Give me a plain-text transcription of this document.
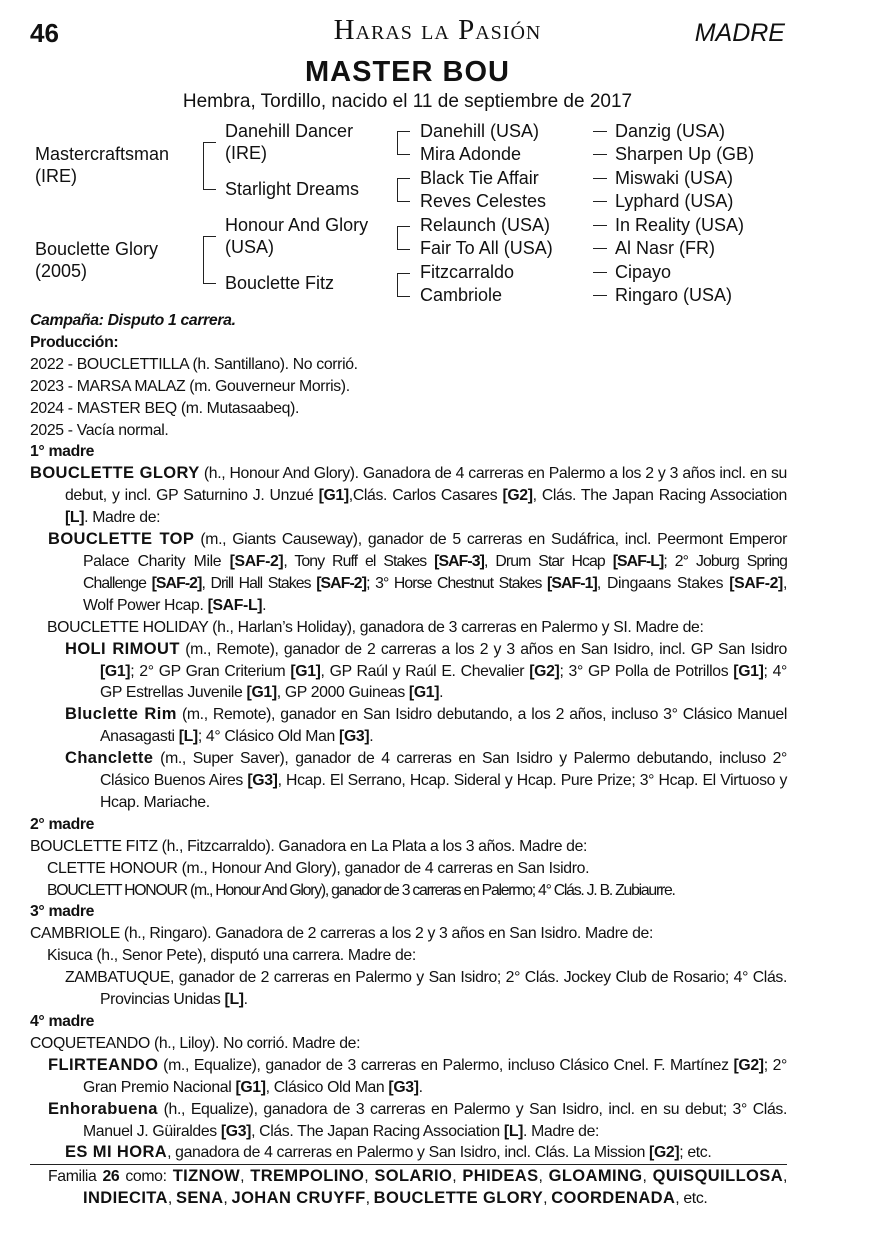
46	Haras la Pasión	MADRE
MASTER BOU
Hembra, Tordillo, nacido el 11 de septiembre de 2017
Mastercraftsman (IRE)
Bouclette Glory (2005)
Danehill Dancer (IRE)
Starlight Dreams
Honour And Glory (USA)
Bouclette Fitz
Danehill (USA)
Mira Adonde
Black Tie Affair
Reves Celestes
Relaunch (USA)
Fair To All (USA)
Fitzcarraldo
Cambriole
Danzig (USA)
Sharpen Up (GB)
Miswaki (USA)
Lyphard (USA)
In Reality (USA)
Al Nasr (FR)
Cipayo
Ringaro (USA)

Campaña: Disputo 1 carrera.

Producción:

2022 - BOUCLETTILLA (h. Santillano). No corrió.

2023 - MARSA MALAZ (m. Gouverneur Morris).

2024 - MASTER BEQ (m. Mutasaabeq).

2025 - Vacía normal.

1° madre

BOUCLETTE GLORY (h., Honour And Glory). Ganadora de 4 carreras en Palermo a los 2 y 3 años incl. en su debut, y incl. GP Saturnino J. Unzué [G1],Clás. Carlos Casares [G2], Clás. The Japan Racing Association [L]. Madre de:

BOUCLETTE TOP (m., Giants Causeway), ganador de 5 carreras en Sudáfrica, incl. Peermont Emperor Palace Charity Mile [SAF-2], Tony Ruff el Stakes [SAF-3], Drum Star Hcap [SAF-L]; 2° Joburg Spring Challenge [SAF-2], Drill Hall Stakes [SAF-2]; 3° Horse Chestnut Stakes [SAF-1], Dingaans Stakes [SAF-2], Wolf Power Hcap. [SAF-L].

BOUCLETTE HOLIDAY (h., Harlan’s Holiday), ganadora de 3 carreras en Palermo y SI. Madre de:

HOLI RIMOUT (m., Remote), ganador de 2 carreras a los 2 y 3 años en San Isidro, incl. GP San Isidro [G1]; 2° GP Gran Criterium [G1], GP Raúl y Raúl E. Chevalier [G2]; 3° GP Polla de Potrillos [G1]; 4° GP Estrellas Juvenile [G1], GP 2000 Guineas [G1].

Bluclette Rim (m., Remote), ganador en San Isidro debutando, a los 2 años, incluso 3° Clásico Manuel Anasagasti [L]; 4° Clásico Old Man [G3].

Chanclette (m., Super Saver), ganador de 4 carreras en San Isidro y Palermo debutando, incluso 2° Clásico Buenos Aires [G3], Hcap. El Serrano, Hcap. Sideral y Hcap. Pure Prize; 3° Hcap. El Virtuoso y Hcap. Mariache.

2° madre

BOUCLETTE FITZ (h., Fitzcarraldo). Ganadora en La Plata a los 3 años. Madre de:

CLETTE HONOUR (m., Honour And Glory), ganador de 4 carreras en San Isidro.

BOUCLETT HONOUR (m., Honour And Glory), ganador de 3 carreras en Palermo; 4° Clás. J. B. Zubiaurre.

3° madre

CAMBRIOLE (h., Ringaro). Ganadora de 2 carreras a los 2 y 3 años en San Isidro. Madre de:

Kisuca (h., Senor Pete), disputó una carrera. Madre de:

ZAMBATUQUE, ganador de 2 carreras en Palermo y San Isidro; 2° Clás. Jockey Club de Rosario; 4° Clás. Provincias Unidas [L].

4° madre

COQUETEANDO (h., Liloy). No corrió. Madre de:

FLIRTEANDO (m., Equalize), ganador de 3 carreras en Palermo, incluso Clásico Cnel. F. Martínez [G2]; 2° Gran Premio Nacional [G1], Clásico Old Man [G3].

Enhorabuena (h., Equalize), ganadora de 3 carreras en Palermo y San Isidro, incl. en su debut; 3° Clás. Manuel J. Güiraldes [G3], Clás. The Japan Racing Association [L]. Madre de:

ES MI HORA, ganadora de 4 carreras en Palermo y San Isidro, incl. Clás. La Mission [G2]; etc.

Familia 26 como: TIZNOW, TREMPOLINO, SOLARIO, PHIDEAS, GLOAMING, QUISQUILLOSA, INDIECITA, SENA, JOHAN CRUYFF, BOUCLETTE GLORY, COORDENADA, etc.
